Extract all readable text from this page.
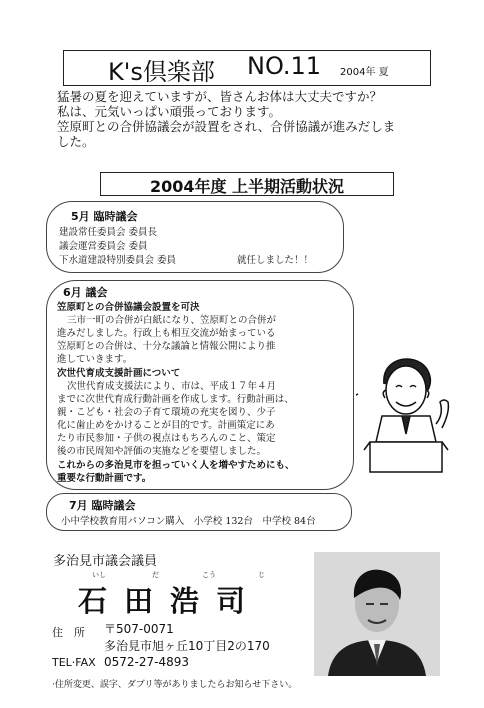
K's倶楽部 NO.11 2004年 夏

猛暑の夏を迎えていますが、皆さんお体は大丈夫ですか？

私は、元気いっぱい頑張っております。

笠原町との合併協議会が設置をされ、合併協議が進みだしま

した。

2004年度 上半期活動状況
5月 臨時議会
建設常任委員会 委員長
議会運営委員会 委員
下水道建設特別委員会 委員	就任しました！！
6月 議会
笠原町との合併協議会設置を可決
三市一町の合併が白紙になり、笠原町との合併が
進みだしました。行政上も相互交流が始まっている
笠原町との合併は、十分な議論と情報公開により推
進していきます。
次世代育成支援計画について
次世代育成支援法により、市は、平成１７年４月
までに次世代育成行動計画を作成します。行動計画は、
親・こども・社会の子育て環境の充実を図り、少子
化に歯止めをかけることが目的です。計画策定にあ
たり市民参加・子供の視点はもちろんのこと、策定
後の市民周知や評価の実施などを要望しました。
これからの多治見市を担っていく人を増やすためにも、
重要な行動計画です。
7月 臨時議会
小中学校教育用パソコン購入　小学校 132台　中学校 84台
多治見市議会議員
いし	だ	こう	じ
石田浩司
住　所 〒507-0071
多治見市旭ヶ丘10丁目2の170
TEL·FAX 0572-27-4893
·住所変更、誤字、ダブリ等がありましたらお知らせ下さい。
